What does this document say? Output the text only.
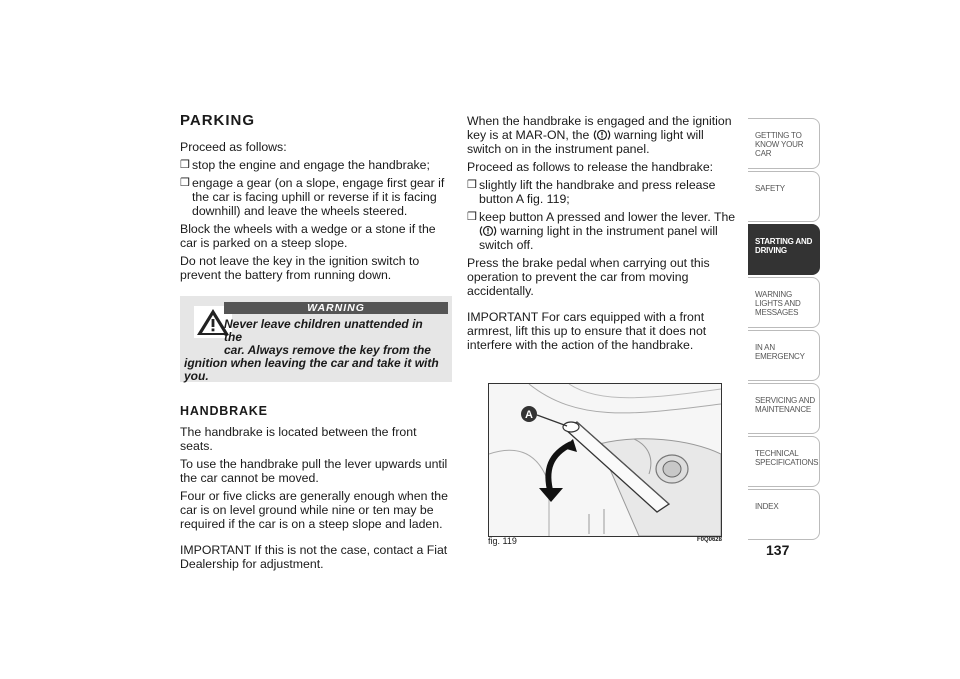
PARKING

Proceed as follows:

❒ stop the engine and engage the handbrake;
❒ engage a gear (on a slope, engage first gear if the car is facing uphill or reverse if it is facing downhill) and leave the wheels steered.

Block the wheels with a wedge or a stone if the car is parked on a steep slope.

Do not leave the key in the ignition switch to prevent the battery from running down.

WARNING
Never leave children unattended in the
car. Always remove the key from the
ignition when leaving the car and take it with you.
HANDBRAKE

The handbrake is located between the front seats.

To use the handbrake pull the lever upwards until the car cannot be moved.

Four or five clicks are generally enough when the car is on level ground while nine or ten may be required if the car is on a steep slope and laden.

IMPORTANT If this is not the case, contact a Fiat Dealership for adjustment.

When the handbrake is engaged and the ignition key is at MAR-ON, the warning light will switch on in the instrument panel.

Proceed as follows to release the handbrake:

❒ slightly lift the handbrake and press release button A fig. 119;
❒ keep button A pressed and lower the lever. The  warning light in the instrument panel will switch off.

Press the brake pedal when carrying out this operation to prevent the car from moving accidentally.

IMPORTANT For cars equipped with a front armrest, lift this up to ensure that it does not interfere with the action of the handbrake.

A
fig. 119	F0Q0628
GETTING TO KNOW YOUR CAR
SAFETY
STARTING AND DRIVING
WARNING LIGHTS AND MESSAGES
IN AN EMERGENCY
SERVICING AND MAINTENANCE
TECHNICAL SPECIFICATIONS
INDEX
137
